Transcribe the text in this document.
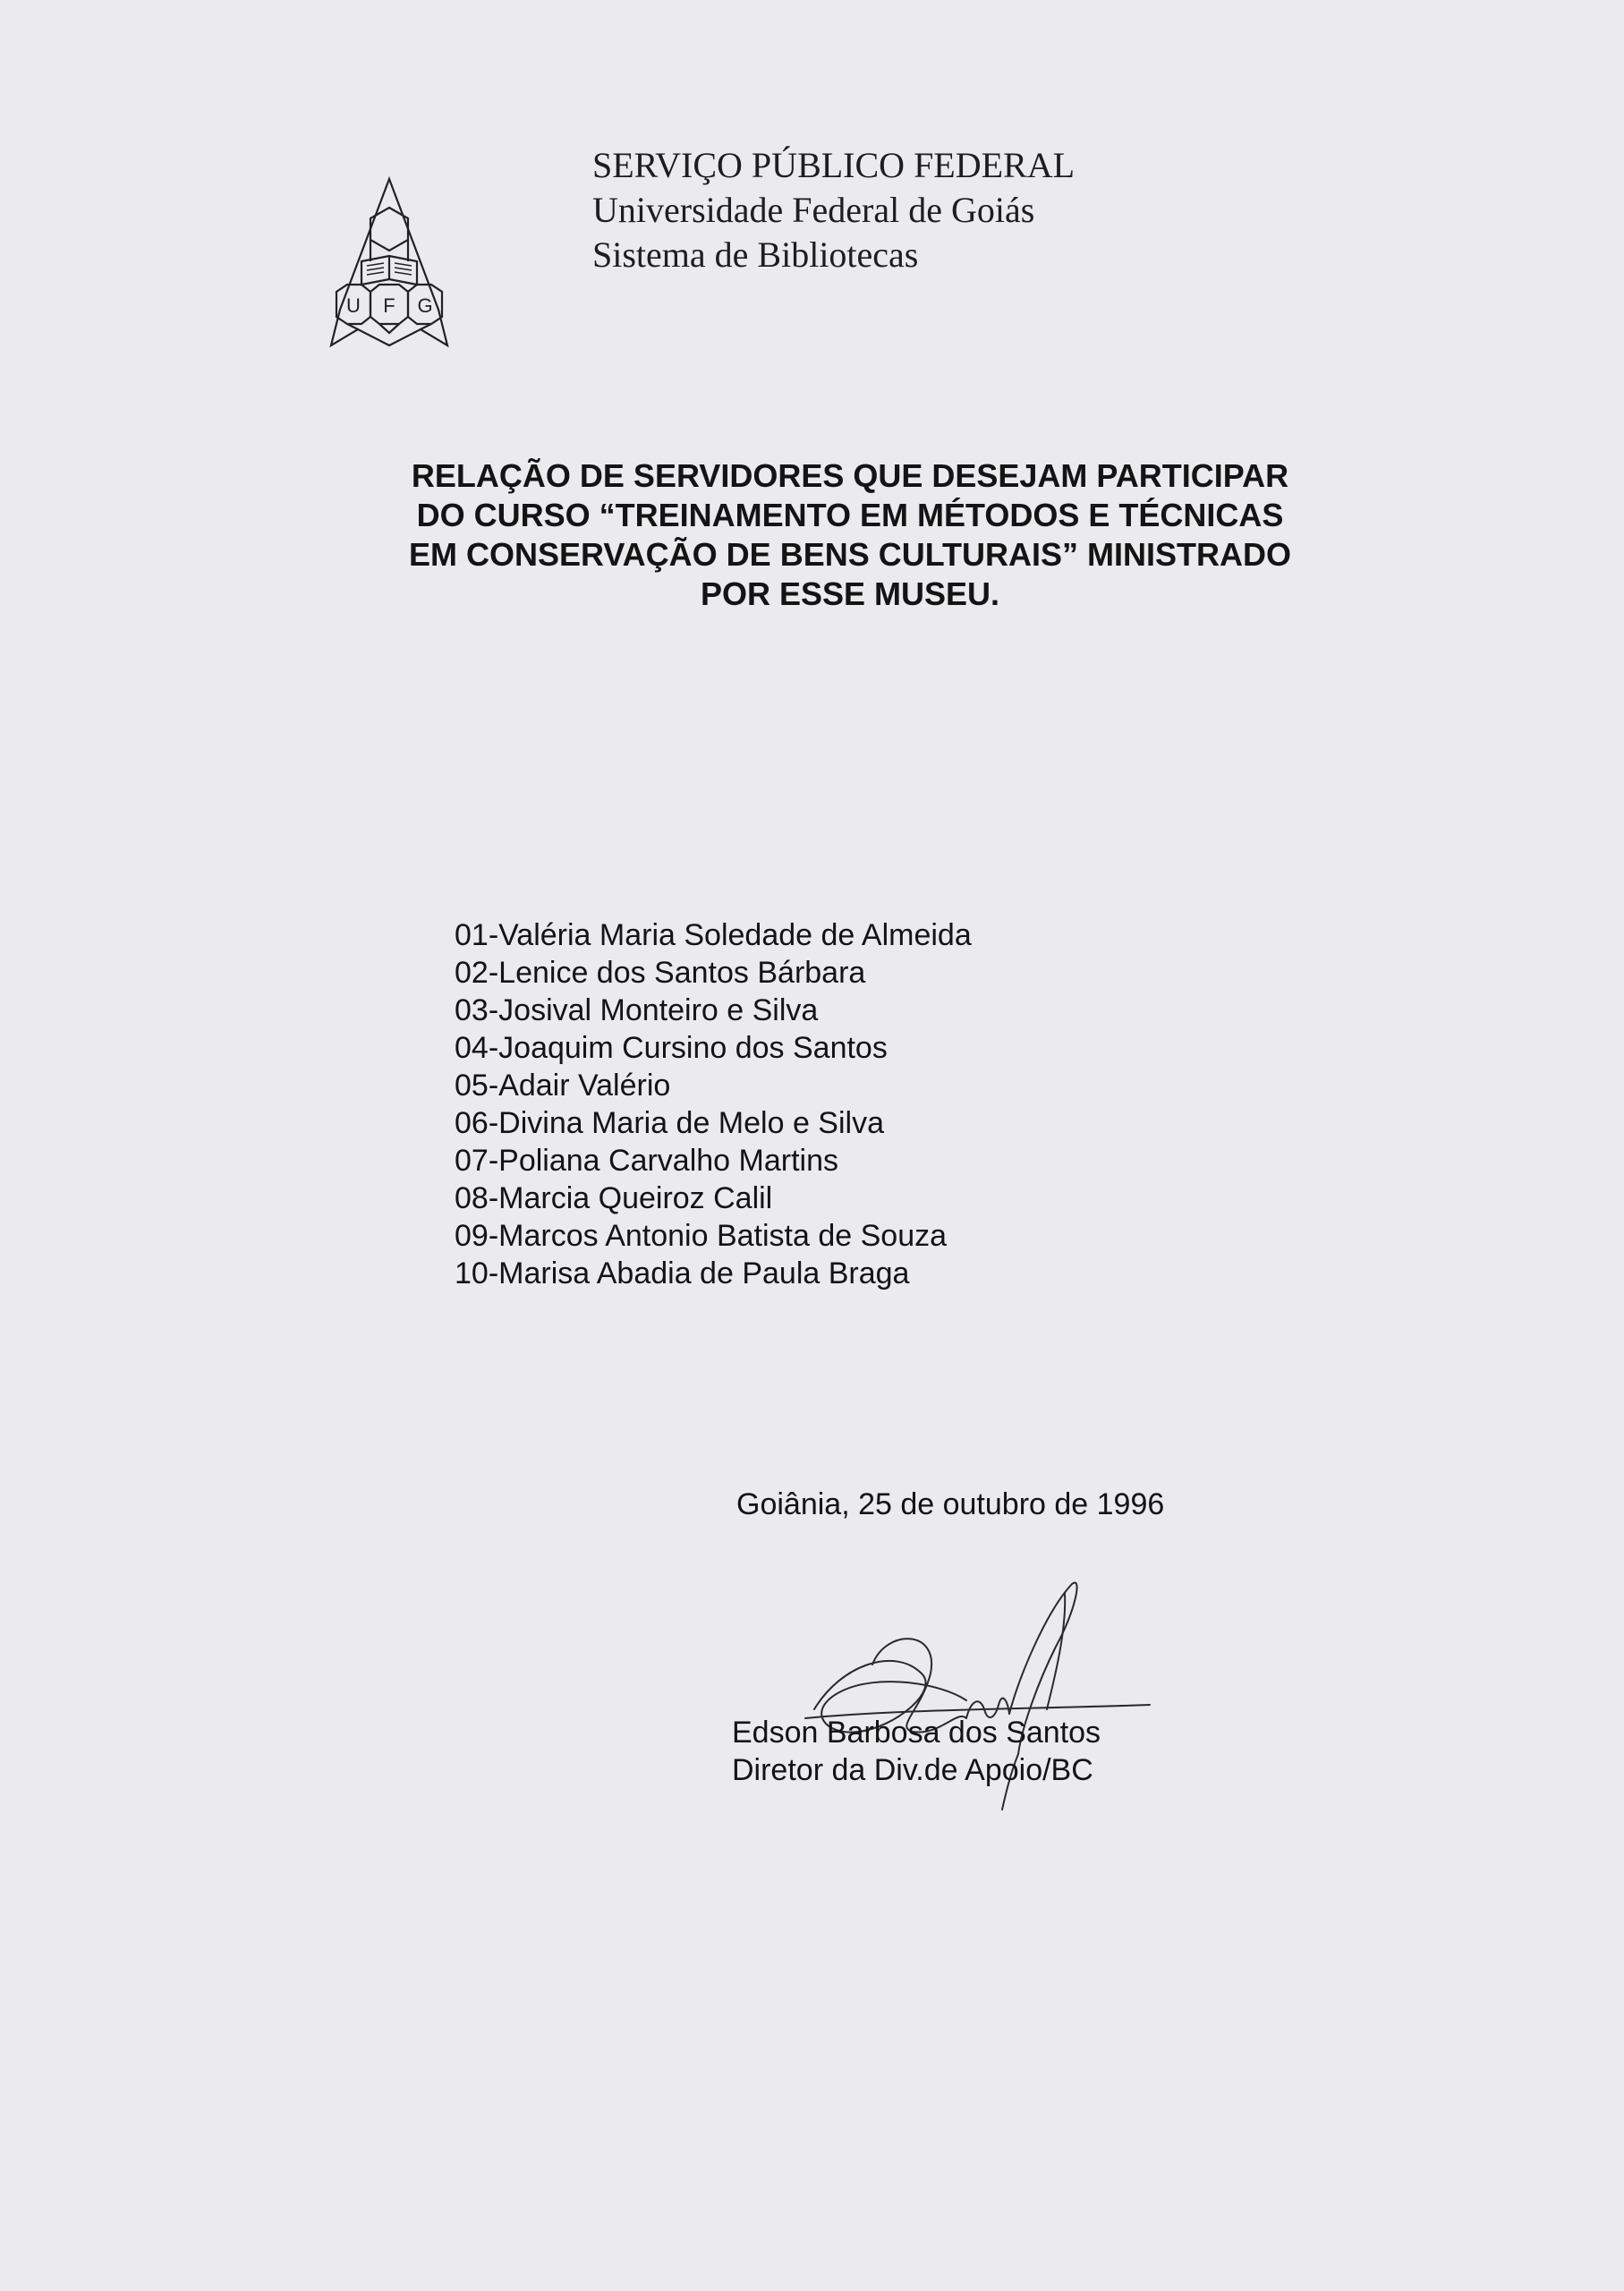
U F G
SERVIÇO PÚBLICO FEDERAL
Universidade Federal de Goiás
Sistema de Bibliotecas
RELAÇÃO DE SERVIDORES QUE DESEJAM PARTICIPAR
DO CURSO “TREINAMENTO EM MÉTODOS E TÉCNICAS
EM CONSERVAÇÃO DE BENS CULTURAIS” MINISTRADO
POR ESSE MUSEU.
01-Valéria Maria Soledade de Almeida
02-Lenice dos Santos Bárbara
03-Josival Monteiro e Silva
04-Joaquim Cursino dos Santos
05-Adair Valério
06-Divina Maria de Melo e Silva
07-Poliana Carvalho Martins
08-Marcia Queiroz Calil
09-Marcos Antonio Batista de Souza
10-Marisa Abadia de Paula Braga
Goiânia, 25 de outubro de 1996
Edson Barbosa dos Santos
Diretor da Div.de Apoio/BC
